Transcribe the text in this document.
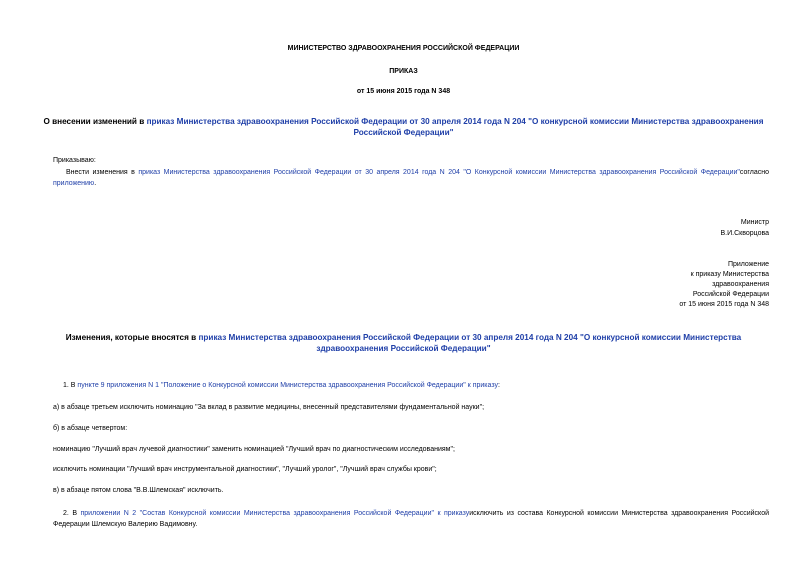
МИНИСТЕРСТВО ЗДРАВООХРАНЕНИЯ РОССИЙСКОЙ ФЕДЕРАЦИИ
ПРИКАЗ
от 15 июня 2015 года N 348
О внесении изменений в приказ Министерства здравоохранения Российской Федерации от 30 апреля 2014 года N 204 "О конкурсной комиссии Министерства здравоохранения Российской Федерации"
Приказываю:
Внести изменения в приказ Министерства здравоохранения Российской Федерации от 30 апреля 2014 года N 204 "О Конкурсной комиссии Министерства здравоохранения Российской Федерации"согласно приложению.
Министр
В.И.Скворцова
Приложение
к приказу Министерства
здравоохранения
Российской Федерации
от 15 июня 2015 года N 348
Изменения, которые вносятся в приказ Министерства здравоохранения Российской Федерации от 30 апреля 2014 года N 204 "О конкурсной комиссии Министерства здравоохранения Российской Федерации"
1. В пункте 9 приложения N 1 "Положение о Конкурсной комиссии Министерства здравоохранения Российской Федерации" к приказу:
а) в абзаце третьем исключить номинацию "За вклад в развитие медицины, внесенный представителями фундаментальной науки";
б) в абзаце четвертом:
номинацию "Лучший врач лучевой диагностики" заменить номинацией "Лучший врач по диагностическим исследованиям";
исключить номинации "Лучший врач инструментальной диагностики", "Лучший уролог", "Лучший врач службы крови";
в) в абзаце пятом слова "В.В.Шлемская" исключить.
2. В приложении N 2 "Состав Конкурсной комиссии Министерства здравоохранения Российской Федерации" к приказуисключить из состава Конкурсной комиссии Министерства здравоохранения Российской Федерации Шлемскую Валерию Вадимовну.
